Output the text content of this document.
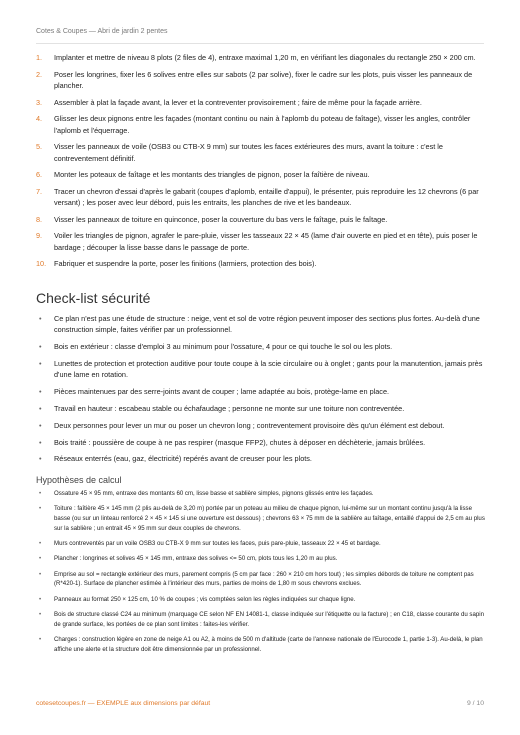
Cotes & Coupes — Abri de jardin 2 pentes
1. Implanter et mettre de niveau 8 plots (2 files de 4), entraxe maximal 1,20 m, en vérifiant les diagonales du rectangle 250 × 200 cm.
2. Poser les longrines, fixer les 6 solives entre elles sur sabots (2 par solive), fixer le cadre sur les plots, puis visser les panneaux de plancher.
3. Assembler à plat la façade avant, la lever et la contreventer provisoirement ; faire de même pour la façade arrière.
4. Glisser les deux pignons entre les façades (montant continu ou nain à l'aplomb du poteau de faîtage), visser les angles, contrôler l'aplomb et l'équerrage.
5. Visser les panneaux de voile (OSB3 ou CTB-X 9 mm) sur toutes les faces extérieures des murs, avant la toiture : c'est le contreventement définitif.
6. Monter les poteaux de faîtage et les montants des triangles de pignon, poser la faîtière de niveau.
7. Tracer un chevron d'essai d'après le gabarit (coupes d'aplomb, entaille d'appui), le présenter, puis reproduire les 12 chevrons (6 par versant) ; les poser avec leur débord, puis les entraits, les planches de rive et les bandeaux.
8. Visser les panneaux de toiture en quinconce, poser la couverture du bas vers le faîtage, puis le faîtage.
9. Voiler les triangles de pignon, agrafer le pare-pluie, visser les tasseaux 22 × 45 (lame d'air ouverte en pied et en tête), puis poser le bardage ; découper la lisse basse dans le passage de porte.
10. Fabriquer et suspendre la porte, poser les finitions (larmiers, protection des bois).
Check-list sécurité
• Ce plan n'est pas une étude de structure : neige, vent et sol de votre région peuvent imposer des sections plus fortes. Au-delà d'une construction simple, faites vérifier par un professionnel.
• Bois en extérieur : classe d'emploi 3 au minimum pour l'ossature, 4 pour ce qui touche le sol ou les plots.
• Lunettes de protection et protection auditive pour toute coupe à la scie circulaire ou à onglet ; gants pour la manutention, jamais près d'une lame en rotation.
• Pièces maintenues par des serre-joints avant de couper ; lame adaptée au bois, protège-lame en place.
• Travail en hauteur : escabeau stable ou échafaudage ; personne ne monte sur une toiture non contreventée.
• Deux personnes pour lever un mur ou poser un chevron long ; contreventement provisoire dès qu'un élément est debout.
• Bois traité : poussière de coupe à ne pas respirer (masque FFP2), chutes à déposer en déchèterie, jamais brûlées.
• Réseaux enterrés (eau, gaz, électricité) repérés avant de creuser pour les plots.
Hypothèses de calcul
• Ossature 45 × 95 mm, entraxe des montants 60 cm, lisse basse et sablière simples, pignons glissés entre les façades.
• Toiture : faîtière 45 × 145 mm (2 plis au-delà de 3,20 m) portée par un poteau au milieu de chaque pignon, lui-même sur un montant continu jusqu'à la lisse basse (ou sur un linteau renforcé 2 × 45 × 145 si une ouverture est dessous) ; chevrons 63 × 75 mm de la sablière au faîtage, entaillé d'appui de 2,5 cm au plus sur la sablière ; un entrait 45 × 95 mm sur deux couples de chevrons.
• Murs contreventés par un voile OSB3 ou CTB-X 9 mm sur toutes les faces, puis pare-pluie, tasseaux 22 × 45 et bardage.
• Plancher : longrines et solives 45 × 145 mm, entraxe des solives <= 50 cm, plots tous les 1,20 m au plus.
• Emprise au sol = rectangle extérieur des murs, parement compris (5 cm par face : 260 × 210 cm hors tout) ; les simples débords de toiture ne comptent pas (R*420-1). Surface de plancher estimée à l'intérieur des murs, parties de moins de 1,80 m sous chevrons exclues.
• Panneaux au format 250 × 125 cm, 10 % de coupes ; vis comptées selon les règles indiquées sur chaque ligne.
• Bois de structure classé C24 au minimum (marquage CE selon NF EN 14081-1, classe indiquée sur l'étiquette ou la facture) ; en C18, classe courante du sapin de grande surface, les portées de ce plan sont limites : faites-les vérifier.
• Charges : construction légère en zone de neige A1 ou A2, à moins de 500 m d'altitude (carte de l'annexe nationale de l'Eurocode 1, partie 1-3). Au-delà, le plan affiche une alerte et la structure doit être dimensionnée par un professionnel.
cotesetcoupes.fr — EXEMPLE aux dimensions par défaut	9 / 10
